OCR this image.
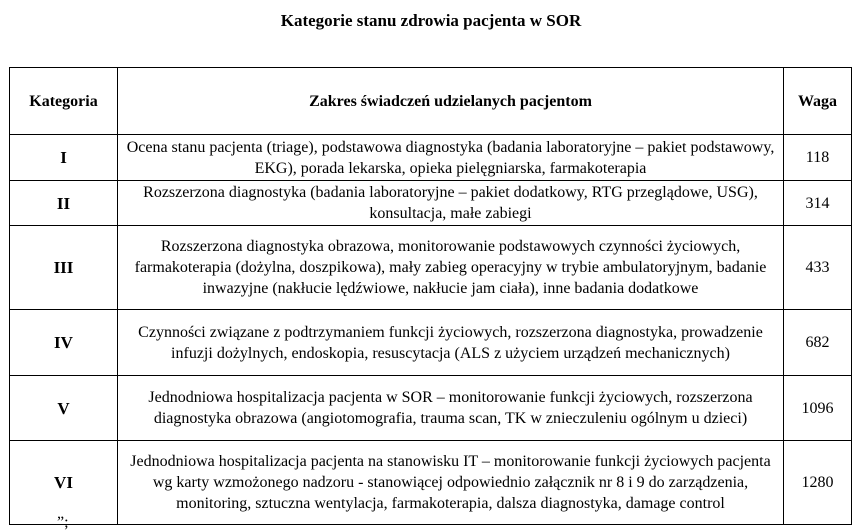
Kategorie stanu zdrowia pacjenta w SOR
Kategoria	Zakres świadczeń udzielanych pacjentom	Waga
I	Ocena stanu pacjenta (triage), podstawowa diagnostyka (badania laboratoryjne – pakiet podstawowy, EKG), porada lekarska, opieka pielęgniarska, farmakoterapia	118
II	Rozszerzona diagnostyka (badania laboratoryjne – pakiet dodatkowy, RTG przeglądowe, USG), konsultacja, małe zabiegi	314
III	Rozszerzona diagnostyka obrazowa, monitorowanie podstawowych czynności życiowych, farmakoterapia (dożylna, doszpikowa), mały zabieg operacyjny w trybie ambulatoryjnym, badanie inwazyjne (nakłucie lędźwiowe, nakłucie jam ciała), inne badania dodatkowe	433
IV	Czynności związane z podtrzymaniem funkcji życiowych, rozszerzona diagnostyka, prowadzenie infuzji dożylnych, endoskopia, resuscytacja (ALS z użyciem urządzeń mechanicznych)	682
V	Jednodniowa hospitalizacja pacjenta w SOR – monitorowanie funkcji życiowych, rozszerzona diagnostyka obrazowa (angiotomografia, trauma scan, TK w znieczuleniu ogólnym u dzieci)	1096
VI	Jednodniowa hospitalizacja pacjenta na stanowisku IT – monitorowanie funkcji życiowych pacjenta wg karty wzmożonego nadzoru - stanowiącej odpowiednio załącznik nr 8 i 9 do zarządzenia, monitoring, sztuczna wentylacja, farmakoterapia, dalsza diagnostyka, damage control	1280
”;
